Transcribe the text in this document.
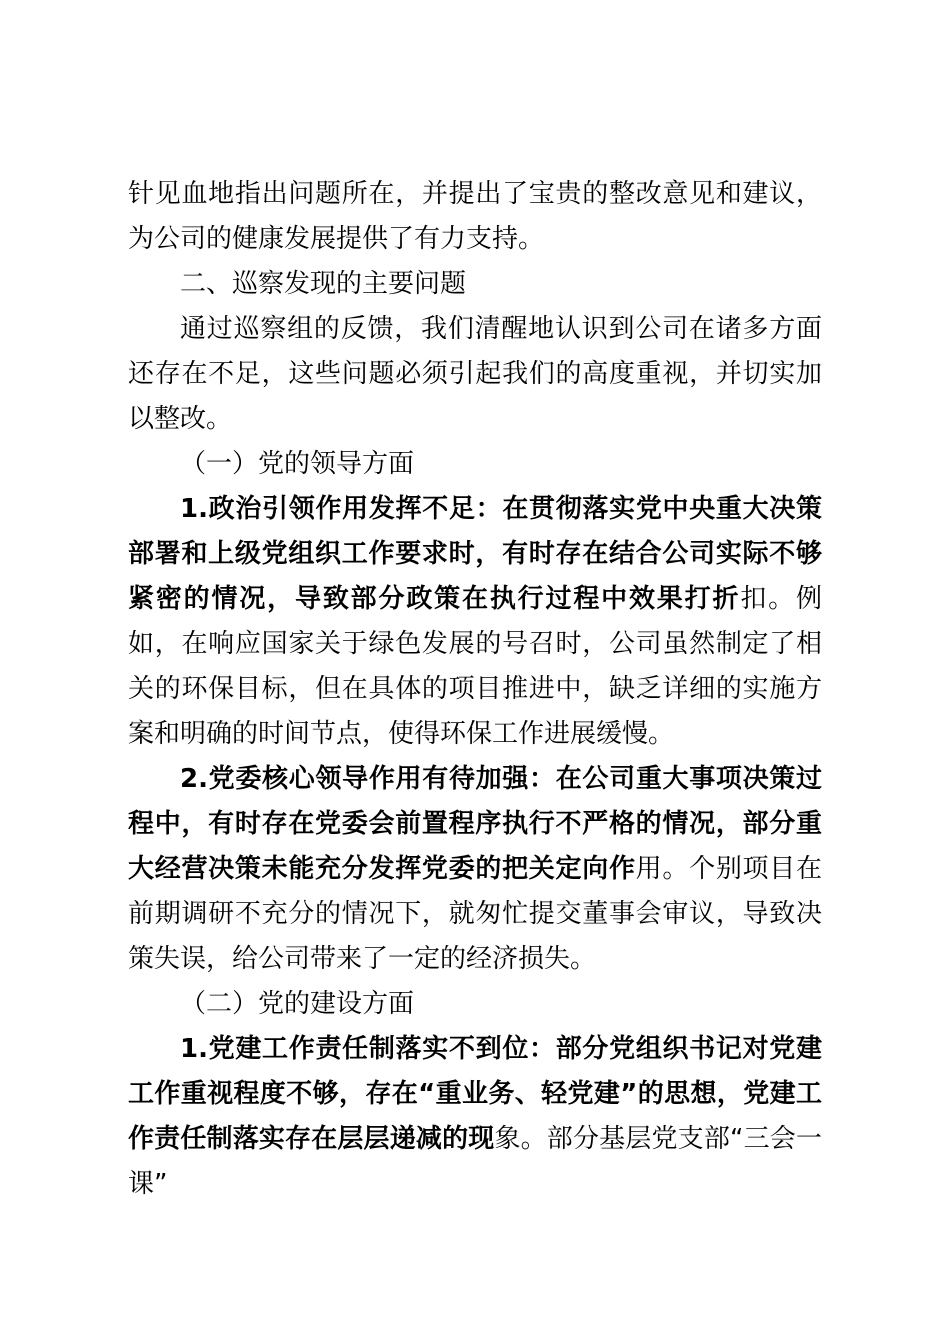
针见血地指出问题所在，并提出了宝贵的整改意见和建议，为公司的健康发展提供了有力支持。

二、巡察发现的主要问题

通过巡察组的反馈，我们清醒地认识到公司在诸多方面还存在不足，这些问题必须引起我们的高度重视，并切实加以整改。

（一）党的领导方面

1.政治引领作用发挥不足：在贯彻落实党中央重大决策部署和上级党组织工作要求时，有时存在结合公司实际不够紧密的情况，导致部分政策在执行过程中效果打折扣。例如，在响应国家关于绿色发展的号召时，公司虽然制定了相关的环保目标，但在具体的项目推进中，缺乏详细的实施方案和明确的时间节点，使得环保工作进展缓慢。

2.党委核心领导作用有待加强：在公司重大事项决策过程中，有时存在党委会前置程序执行不严格的情况，部分重大经营决策未能充分发挥党委的把关定向作用。个别项目在前期调研不充分的情况下，就匆忙提交董事会审议，导致决策失误，给公司带来了一定的经济损失。

（二）党的建设方面

1.党建工作责任制落实不到位：部分党组织书记对党建工作重视程度不够，存在“重业务、轻党建”的思想，党建工作责任制落实存在层层递减的现象。部分基层党支部“三会一课”
